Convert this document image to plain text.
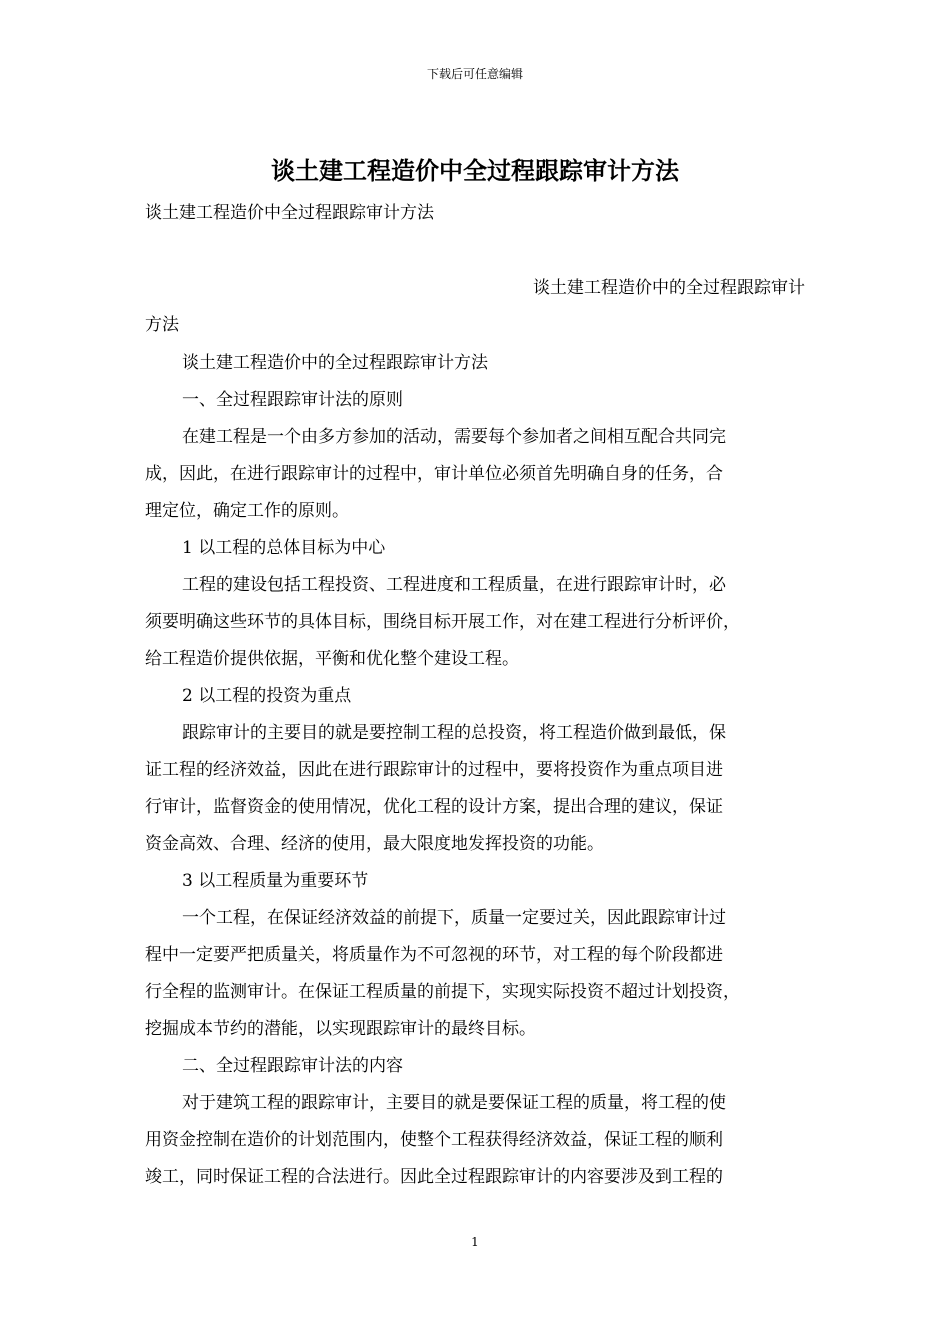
下载后可任意编辑
谈土建工程造价中全过程跟踪审计方法
谈土建工程造价中全过程跟踪审计方法
谈土建工程造价中的全过程跟踪审计
方法
谈土建工程造价中的全过程跟踪审计方法
一、全过程跟踪审计法的原则
在建工程是一个由多方参加的活动，需要每个参加者之间相互配合共同完
成，因此，在进行跟踪审计的过程中，审计单位必须首先明确自身的任务，合
理定位，确定工作的原则。
1 以工程的总体目标为中心
工程的建设包括工程投资、工程进度和工程质量，在进行跟踪审计时，必
须要明确这些环节的具体目标，围绕目标开展工作，对在建工程进行分析评价，
给工程造价提供依据，平衡和优化整个建设工程。
2 以工程的投资为重点
跟踪审计的主要目的就是要控制工程的总投资，将工程造价做到最低，保
证工程的经济效益，因此在进行跟踪审计的过程中，要将投资作为重点项目进
行审计，监督资金的使用情况，优化工程的设计方案，提出合理的建议，保证
资金高效、合理、经济的使用，最大限度地发挥投资的功能。
3 以工程质量为重要环节
一个工程，在保证经济效益的前提下，质量一定要过关，因此跟踪审计过
程中一定要严把质量关，将质量作为不可忽视的环节，对工程的每个阶段都进
行全程的监测审计。在保证工程质量的前提下，实现实际投资不超过计划投资，
挖掘成本节约的潜能，以实现跟踪审计的最终目标。
二、全过程跟踪审计法的内容
对于建筑工程的跟踪审计，主要目的就是要保证工程的质量，将工程的使
用资金控制在造价的计划范围内，使整个工程获得经济效益，保证工程的顺利
竣工，同时保证工程的合法进行。因此全过程跟踪审计的内容要涉及到工程的
1
